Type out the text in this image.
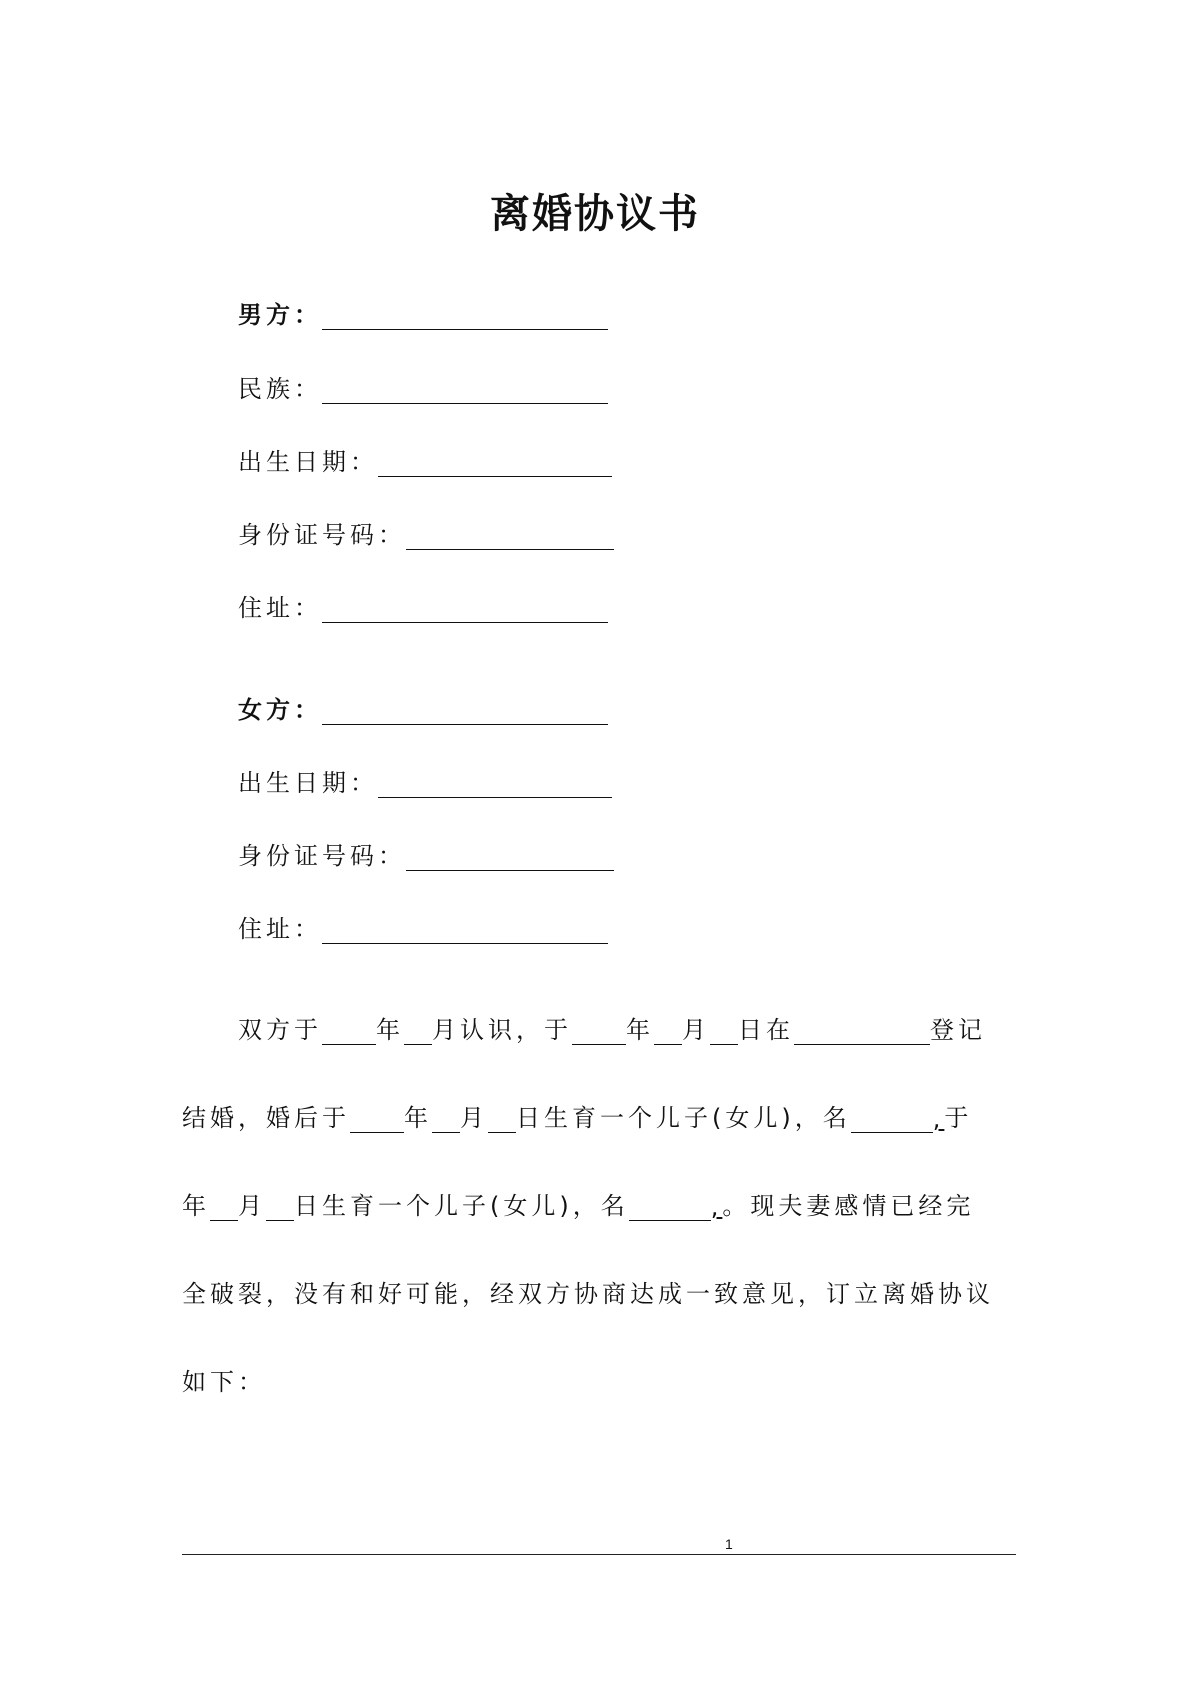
离婚协议书
男方：
民族：
出生日期：
身份证号码：
住址：
女方：
出生日期：
身份证号码：
住址：
双方于 年 月认识，于 年 月 日在	登记
结婚，婚后于 年 月 日生育一个儿子(女儿)，名	, 于
年 月 日生育一个儿子(女儿)，名	, 。现夫妻感情已经完
全破裂，没有和好可能，经双方协商达成一致意见，订立离婚协议
如下：
1
